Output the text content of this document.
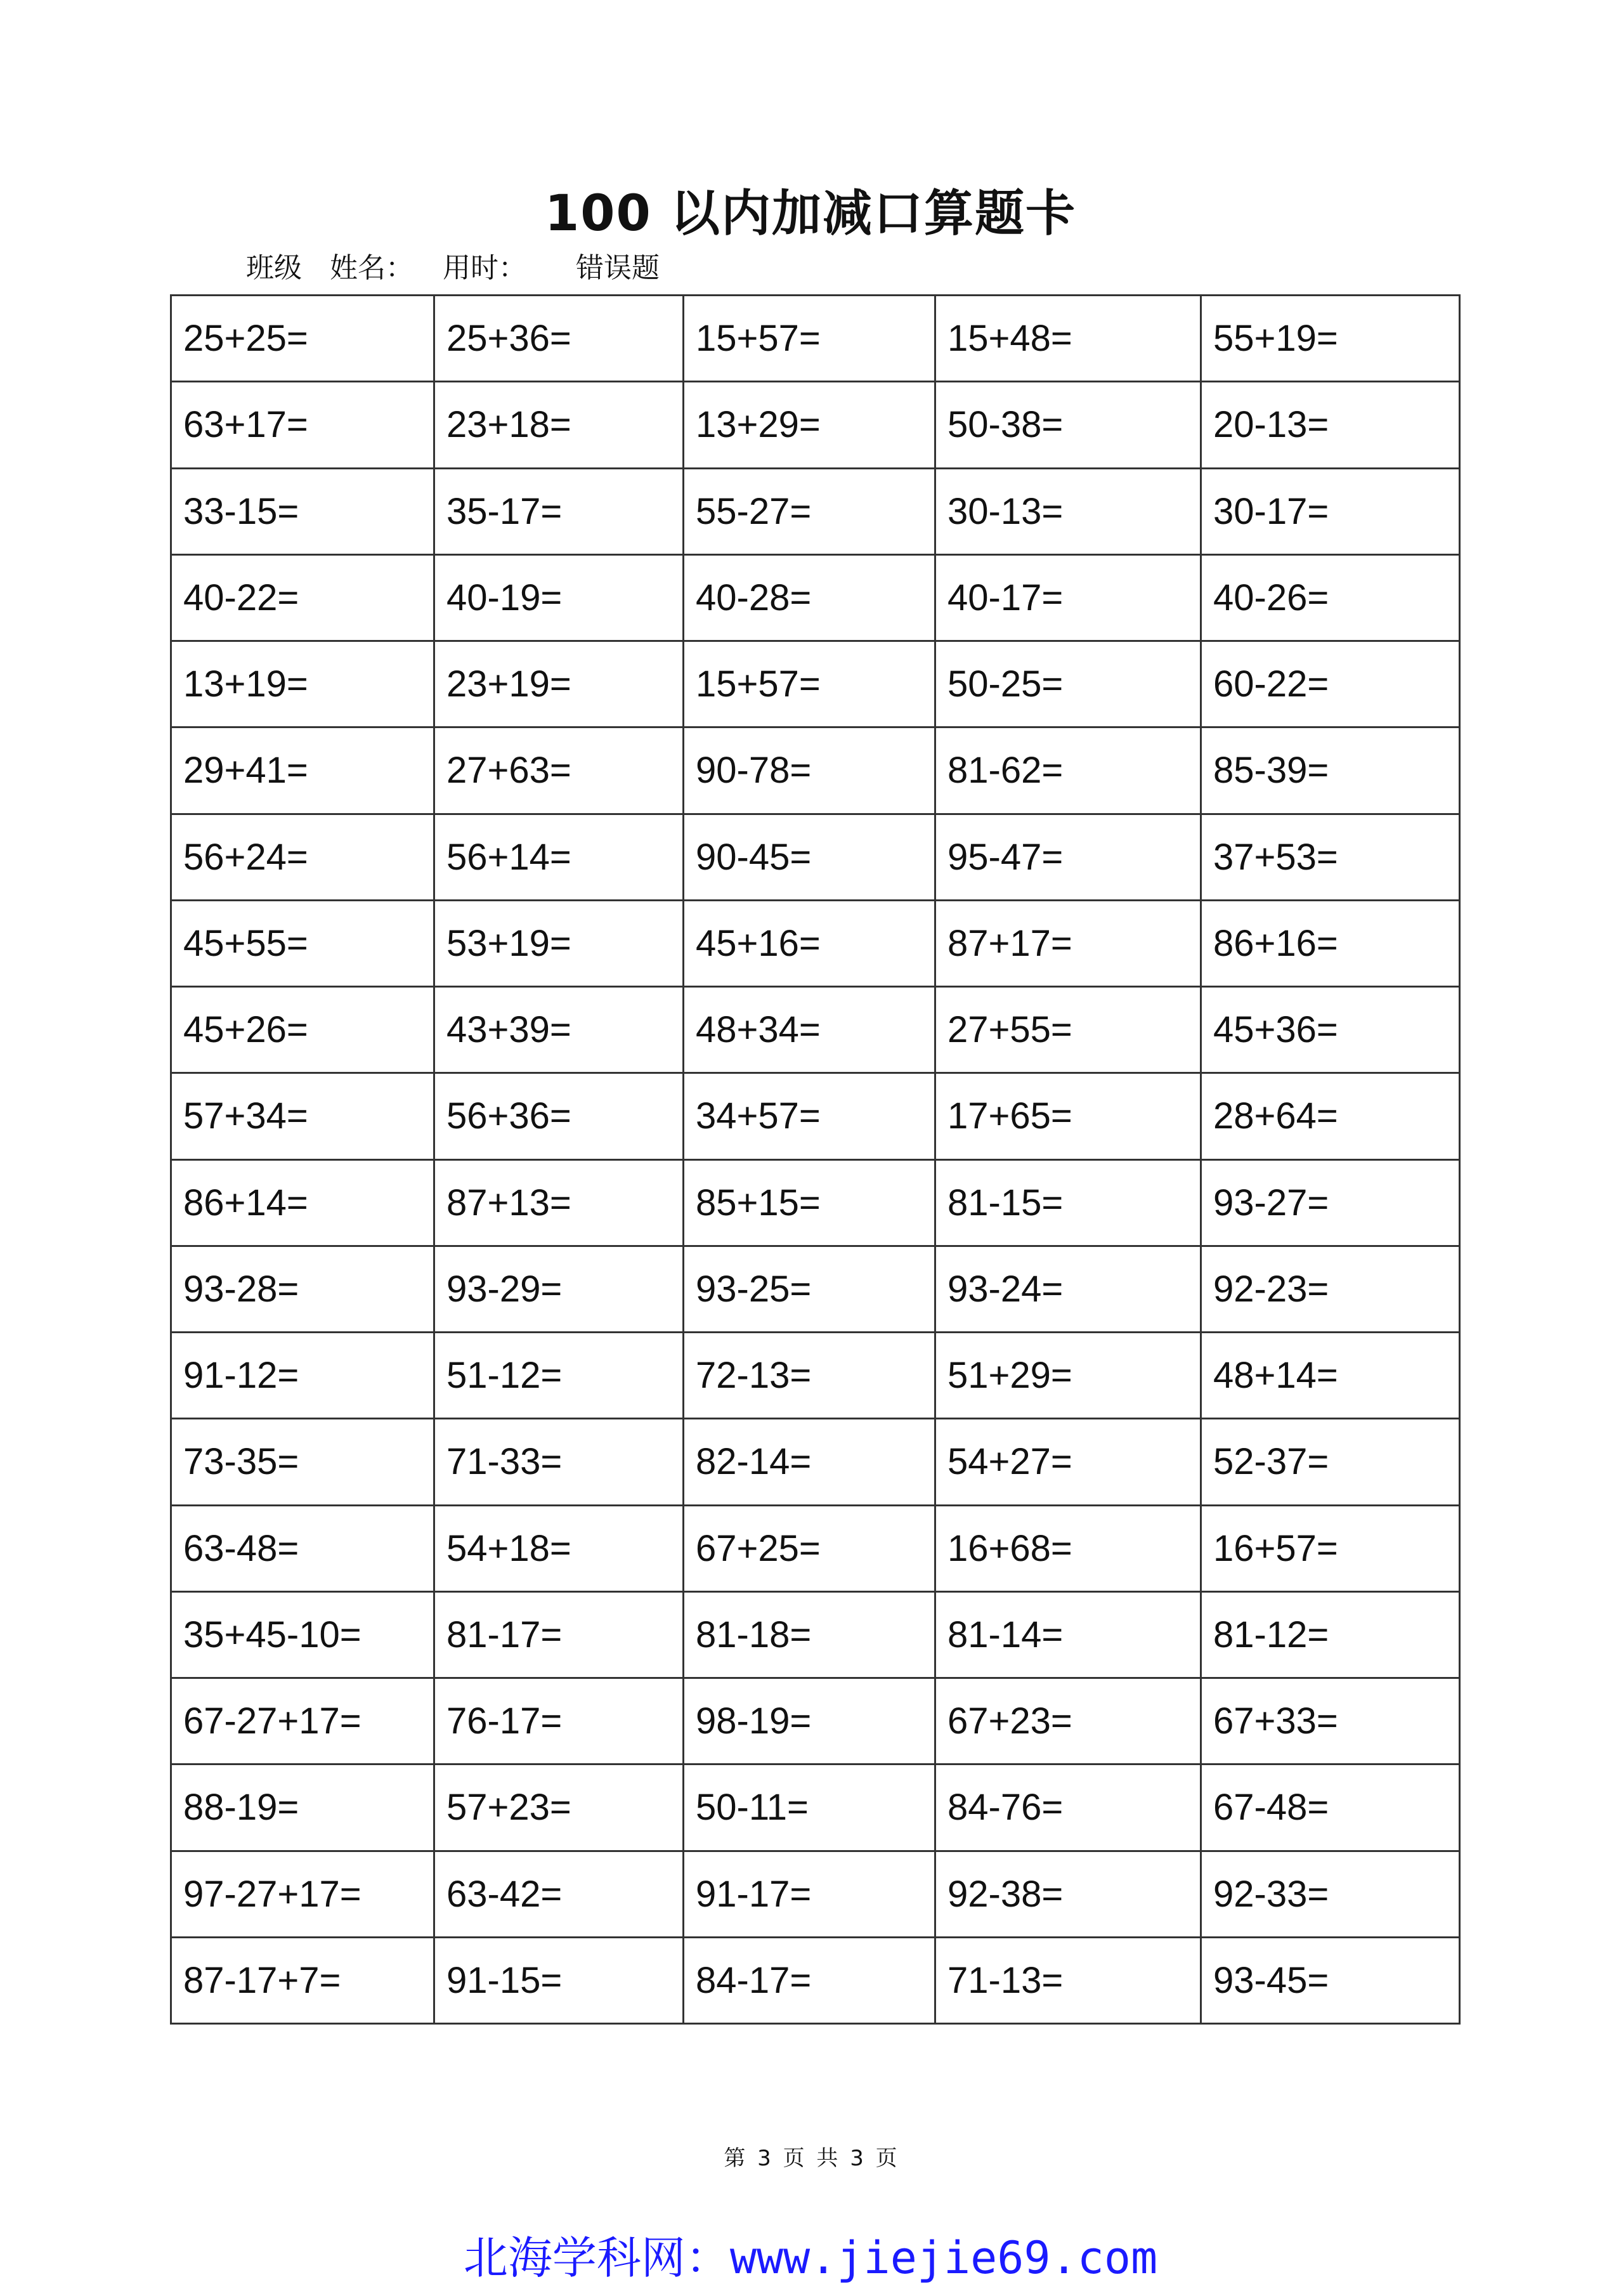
100 以内加减口算题卡
班级 姓名： 用时： 错误题
25+25=	25+36=	15+57=	15+48=	55+19=
63+17=	23+18=	13+29=	50-38=	20-13=
33-15=	35-17=	55-27=	30-13=	30-17=
40-22=	40-19=	40-28=	40-17=	40-26=
13+19=	23+19=	15+57=	50-25=	60-22=
29+41=	27+63=	90-78=	81-62=	85-39=
56+24=	56+14=	90-45=	95-47=	37+53=
45+55=	53+19=	45+16=	87+17=	86+16=
45+26=	43+39=	48+34=	27+55=	45+36=
57+34=	56+36=	34+57=	17+65=	28+64=
86+14=	87+13=	85+15=	81-15=	93-27=
93-28=	93-29=	93-25=	93-24=	92-23=
91-12=	51-12=	72-13=	51+29=	48+14=
73-35=	71-33=	82-14=	54+27=	52-37=
63-48=	54+18=	67+25=	16+68=	16+57=
35+45-10=	81-17=	81-18=	81-14=	81-12=
67-27+17=	76-17=	98-19=	67+23=	67+33=
88-19=	57+23=	50-11=	84-76=	67-48=
97-27+17=	63-42=	91-17=	92-38=	92-33=
87-17+7=	91-15=	84-17=	71-13=	93-45=
第 3 页 共 3 页
北海学科网：www.jiejie69.com
